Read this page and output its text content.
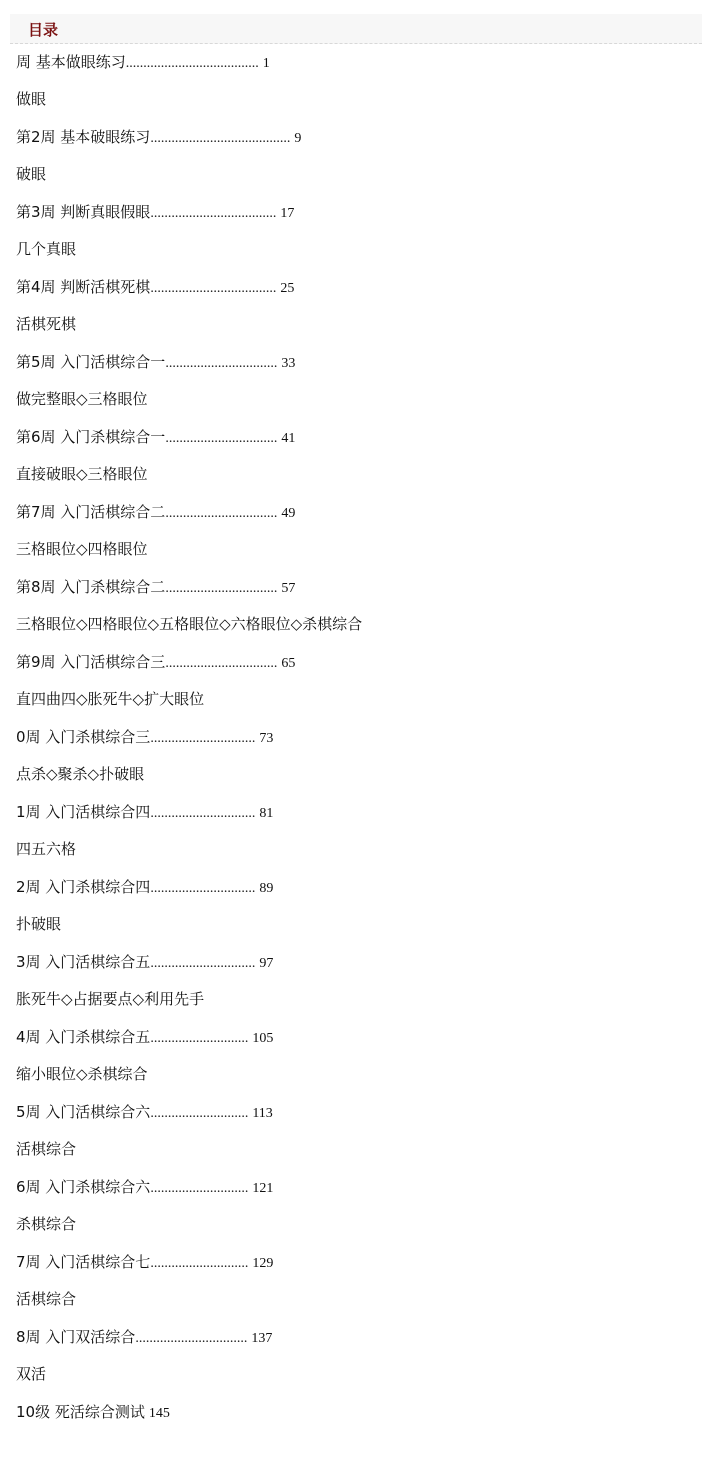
目录
周 基本做眼练习...................................... 1
做眼
第2周 基本破眼练习........................................ 9
破眼
第3周 判断真眼假眼.................................... 17
几个真眼
第4周 判断活棋死棋.................................... 25
活棋死棋
第5周 入门活棋综合一................................ 33
做完整眼◇三格眼位
第6周 入门杀棋综合一................................ 41
直接破眼◇三格眼位
第7周 入门活棋综合二................................ 49
三格眼位◇四格眼位
第8周 入门杀棋综合二................................ 57
三格眼位◇四格眼位◇五格眼位◇六格眼位◇杀棋综合
第9周 入门活棋综合三................................ 65
直四曲四◇胀死牛◇扩大眼位
0周 入门杀棋综合三.............................. 73
点杀◇聚杀◇扑破眼
1周 入门活棋综合四.............................. 81
四五六格
2周 入门杀棋综合四.............................. 89
扑破眼
3周 入门活棋综合五.............................. 97
胀死牛◇占据要点◇利用先手
4周 入门杀棋综合五............................ 105
缩小眼位◇杀棋综合
5周 入门活棋综合六............................ 113
活棋综合
6周 入门杀棋综合六............................ 121
杀棋综合
7周 入门活棋综合七............................ 129
活棋综合
8周 入门双活综合................................ 137
双活
10级 死活综合测试 145
